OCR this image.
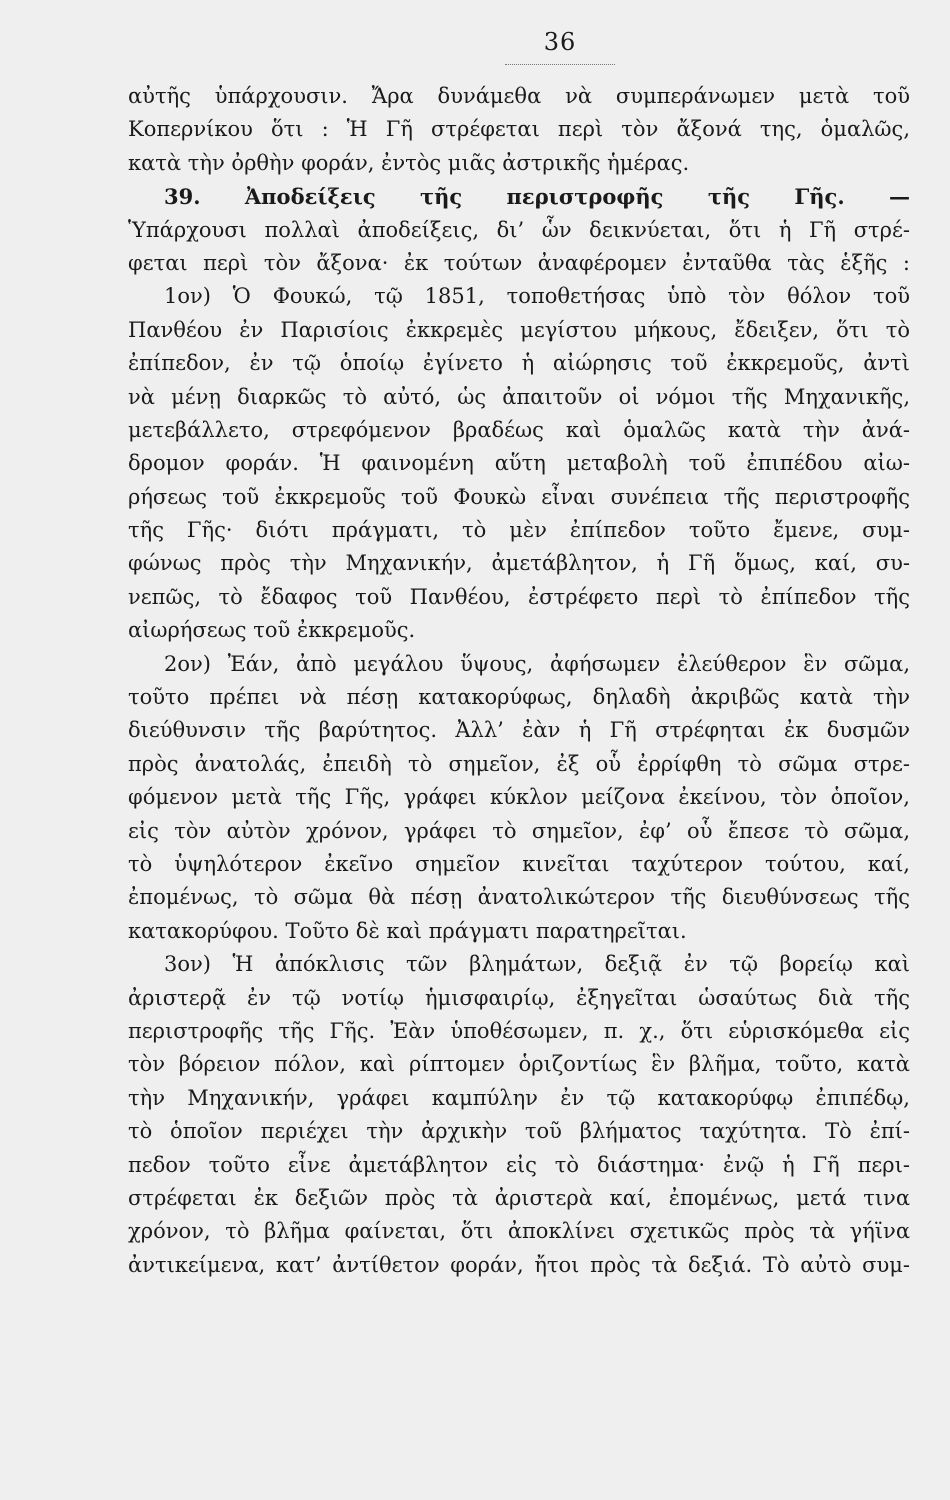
36
αὐτῆς ὑπάρχουσιν. Ἄρα δυνάμεθα νὰ συμπεράνωμεν μετὰ τοῦ
Κοπερνίκου ὅτι : Ἡ Γῆ στρέφεται περὶ τὸν ἄξονά της, ὁμαλῶς,
κατὰ τὴν ὀρθὴν φοράν, ἐντὸς μιᾶς ἀστρικῆς ἡμέρας.
39. Ἀποδείξεις τῆς περιστροφῆς τῆς Γῆς. —
Ὑπάρχουσι πολλαὶ ἀποδείξεις, δι’ ὧν δεικνύεται, ὅτι ἡ Γῆ στρέ-
φεται περὶ τὸν ἄξονα· ἐκ τούτων ἀναφέρομεν ἐνταῦθα τὰς ἑξῆς :
1ον) Ὁ Φουκώ, τῷ 1851, τοποθετήσας ὑπὸ τὸν θόλον τοῦ
Πανθέου ἐν Παρισίοις ἐκκρεμὲς μεγίστου μήκους, ἔδειξεν, ὅτι τὸ
ἐπίπεδον, ἐν τῷ ὁποίῳ ἐγίνετο ἡ αἰώρησις τοῦ ἐκκρεμοῦς, ἀντὶ
νὰ μένῃ διαρκῶς τὸ αὐτό, ὡς ἀπαιτοῦν οἱ νόμοι τῆς Μηχανικῆς,
μετεβάλλετο, στρεφόμενον βραδέως καὶ ὁμαλῶς κατὰ τὴν ἀνά-
δρομον φοράν. Ἡ φαινομένη αὕτη μεταβολὴ τοῦ ἐπιπέδου αἰω-
ρήσεως τοῦ ἐκκρεμοῦς τοῦ Φουκὼ εἶναι συνέπεια τῆς περιστροφῆς
τῆς Γῆς· διότι πράγματι, τὸ μὲν ἐπίπεδον τοῦτο ἔμενε, συμ-
φώνως πρὸς τὴν Μηχανικήν, ἀμετάβλητον, ἡ Γῆ ὅμως, καί, συ-
νεπῶς, τὸ ἔδαφος τοῦ Πανθέου, ἐστρέφετο περὶ τὸ ἐπίπεδον τῆς
αἰωρήσεως τοῦ ἐκκρεμοῦς.
2ον) Ἐάν, ἀπὸ μεγάλου ὕψους, ἀφήσωμεν ἐλεύθερον ἓν σῶμα,
τοῦτο πρέπει νὰ πέσῃ κατακορύφως, δηλαδὴ ἀκριβῶς κατὰ τὴν
διεύθυνσιν τῆς βαρύτητος. Ἀλλ’ ἐὰν ἡ Γῆ στρέφηται ἐκ δυσμῶν
πρὸς ἀνατολάς, ἐπειδὴ τὸ σημεῖον, ἐξ οὗ ἐρρίφθη τὸ σῶμα στρε-
φόμενον μετὰ τῆς Γῆς, γράφει κύκλον μείζονα ἐκείνου, τὸν ὁποῖον,
εἰς τὸν αὐτὸν χρόνον, γράφει τὸ σημεῖον, ἐφ’ οὗ ἔπεσε τὸ σῶμα,
τὸ ὑψηλότερον ἐκεῖνο σημεῖον κινεῖται ταχύτερον τούτου, καί,
ἐπομένως, τὸ σῶμα θὰ πέσῃ ἀνατολικώτερον τῆς διευθύνσεως τῆς
κατακορύφου. Τοῦτο δὲ καὶ πράγματι παρατηρεῖται.
3ον) Ἡ ἀπόκλισις τῶν βλημάτων, δεξιᾷ ἐν τῷ βορείῳ καὶ
ἀριστερᾷ ἐν τῷ νοτίῳ ἡμισφαιρίῳ, ἐξηγεῖται ὡσαύτως διὰ τῆς
περιστροφῆς τῆς Γῆς. Ἐὰν ὑποθέσωμεν, π. χ., ὅτι εὑρισκόμεθα εἰς
τὸν βόρειον πόλον, καὶ ρίπτομεν ὁριζοντίως ἓν βλῆμα, τοῦτο, κατὰ
τὴν Μηχανικήν, γράφει καμπύλην ἐν τῷ κατακορύφῳ ἐπιπέδῳ,
τὸ ὁποῖον περιέχει τὴν ἀρχικὴν τοῦ βλήματος ταχύτητα. Τὸ ἐπί-
πεδον τοῦτο εἶνε ἀμετάβλητον εἰς τὸ διάστημα· ἐνῷ ἡ Γῆ περι-
στρέφεται ἐκ δεξιῶν πρὸς τὰ ἀριστερὰ καί, ἐπομένως, μετά τινα
χρόνον, τὸ βλῆμα φαίνεται, ὅτι ἀποκλίνει σχετικῶς πρὸς τὰ γήϊνα
ἀντικείμενα, κατ’ ἀντίθετον φοράν, ἤτοι πρὸς τὰ δεξιά. Τὸ αὐτὸ συμ-
